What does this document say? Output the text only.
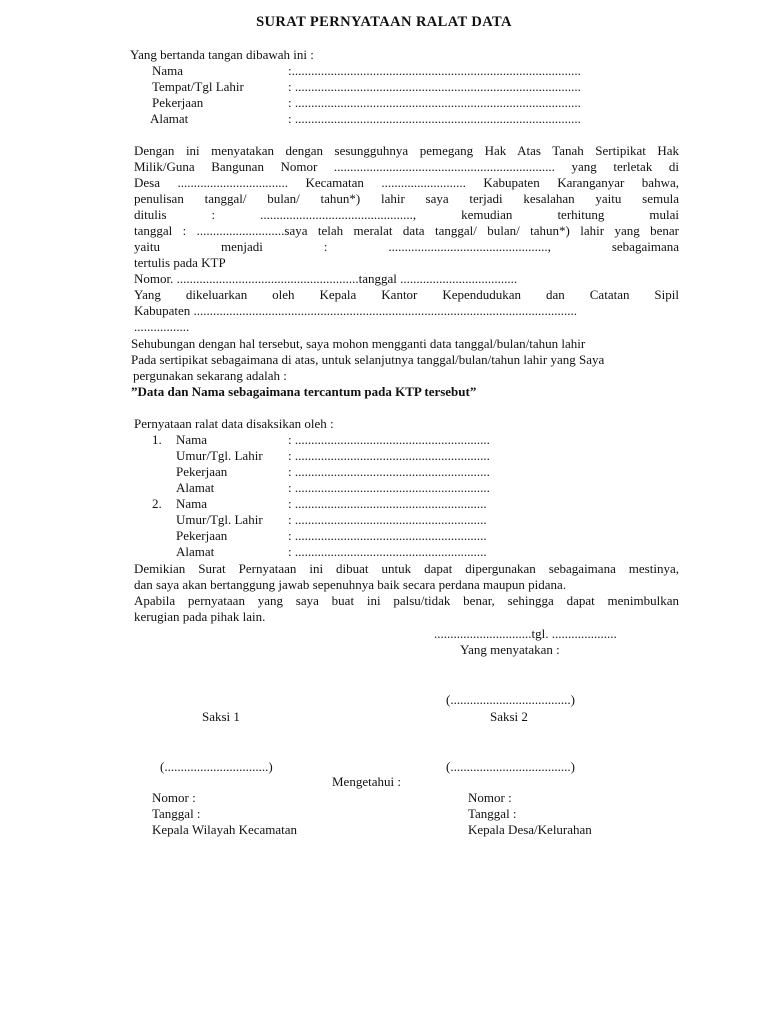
SURAT PERNYATAAN RALAT DATA
Yang bertanda tangan dibawah ini :
Nama	:.........................................................................................
Tempat/Tgl Lahir	: ........................................................................................
Pekerjaan	: ........................................................................................
Alamat	: ........................................................................................
Dengan ini menyatakan dengan sesungguhnya pemegang Hak Atas Tanah Sertipikat Hak
Milik/Guna Bangunan Nomor .................................................................... yang terletak di
Desa .................................. Kecamatan .......................... Kabupaten Karanganyar bahwa,
penulisan tanggal/ bulan/ tahun*) lahir saya terjadi kesalahan yaitu semula
ditulis : ..............................................., kemudian terhitung mulai
tanggal : ...........................saya telah meralat data tanggal/ bulan/ tahun*) lahir yang benar
yaitu menjadi : ................................................., sebagaimana
tertulis pada KTP
Nomor. ........................................................tanggal ....................................
Yang dikeluarkan oleh Kepala Kantor Kependudukan dan Catatan Sipil
Kabupaten ......................................................................................................................
.................
Sehubungan dengan hal tersebut, saya mohon mengganti data tanggal/bulan/tahun lahir
Pada sertipikat sebagaimana di atas, untuk selanjutnya tanggal/bulan/tahun lahir yang Saya
pergunakan sekarang adalah :
”Data dan Nama sebagaimana tercantum pada KTP tersebut”
Pernyataan ralat data disaksikan oleh :
1. Nama	: ............................................................
Umur/Tgl. Lahir : ............................................................
Pekerjaan	: ............................................................
Alamat	: ............................................................
2. Nama	: ...........................................................
Umur/Tgl. Lahir : ...........................................................
Pekerjaan	: ...........................................................
Alamat	: ...........................................................
Demikian Surat Pernyataan ini dibuat untuk dapat dipergunakan sebagaimana mestinya,
dan saya akan bertanggung jawab sepenuhnya baik secara perdana maupun pidana.
Apabila pernyataan yang saya buat ini palsu/tidak benar, sehingga dapat menimbulkan
kerugian pada pihak lain.
..............................tgl. ....................
Yang menyatakan :
(.....................................)
Saksi 1	Saksi 2
(................................)	(.....................................)
Mengetahui :
Nomor :
Tanggal :
Kepala Wilayah Kecamatan
Nomor :
Tanggal :
Kepala Desa/Kelurahan
